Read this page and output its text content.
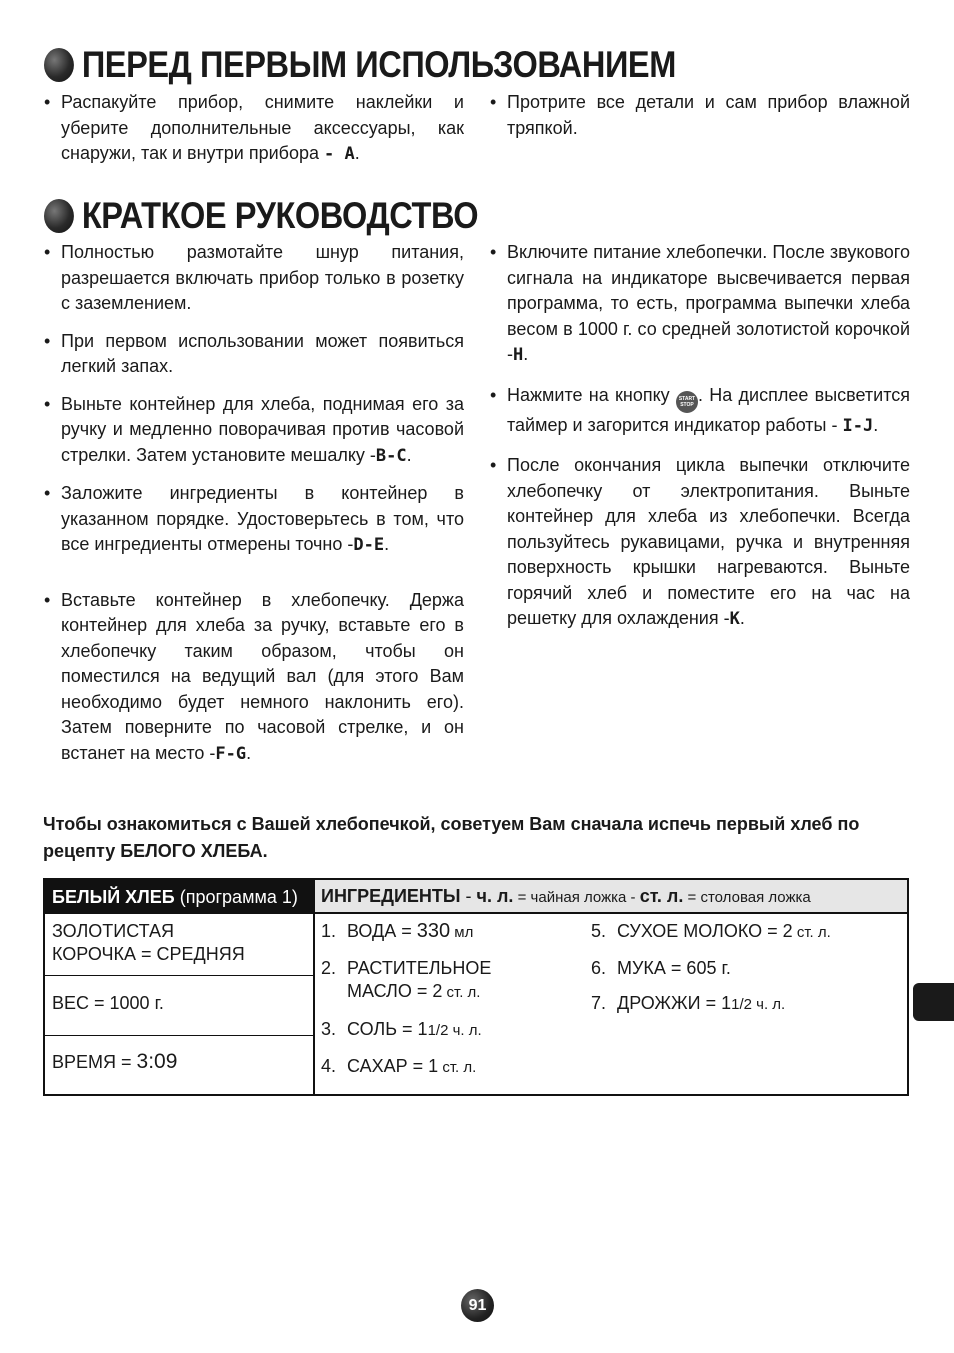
ПЕРЕД ПЕРВЫМ ИСПОЛЬЗОВАНИЕМ

• Распакуйте прибор, снимите наклейки и уберите дополнительные аксессуары, как снаружи, так и внутри прибора - A.

• Протрите все детали и сам прибор влажной тряпкой.

КРАТКОЕ РУКОВОДСТВО

• Полностью размотайте шнур питания, разрешается включать прибор только в розетку с заземлением.

• При первом использовании может появиться легкий запах.

• Выньте контейнер для хлеба, поднимая его за ручку и медленно поворачивая против часовой стрелки. Затем установите мешалку -B-C.

• Заложите ингредиенты в контейнер в указанном порядке. Удостоверьтесь в том, что все ингредиенты отмерены точно -D-E.

• Вставьте контейнер в хлебопечку. Держа контейнер для хлеба за ручку, вставьте его в хлебопечку таким образом, чтобы он поместился на ведущий вал (для этого Вам необходимо будет немного наклонить его). Затем поверните по часовой стрелке, и он встанет на место -F-G.

• Включите питание хлебопечки. После звукового сигнала на индикаторе высвечивается первая программа, то есть, программа выпечки хлеба весом в 1000 г. со средней золотистой корочкой -H.

• Нажмите на кнопку START
STOP . На дисплее высветится таймер и загорится индикатор работы - I-J.

• После окончания цикла выпечки отключите хлебопечку от электропитания. Выньте контейнер для хлеба из хлебопечки. Всегда пользуйтесь рукавицами, ручка и внутренняя поверхность крышки нагреваются. Выньте горячий хлеб и поместите его на час на решетку для охлаждения -K.

Чтобы ознакомиться с Вашей хлебопечкой, советуем Вам сначала испечь первый хлеб по рецепту БЕЛОГО ХЛЕБА.
БЕЛЫЙ ХЛЕБ (программа 1)
ЗОЛОТИСТАЯ
КОРОЧКА = СРЕДНЯЯ
ВЕС = 1000 г.
ВРЕМЯ = 3:09
ИНГРЕДИЕНТЫ - ч. л. = чайная ложка - ст. л. = столовая ложка
1. ВОДА = 330 мл
2. РАСТИТЕЛЬНОЕ
МАСЛО = 2 ст. л.
3. СОЛЬ = 11/2 ч. л.
4. САХАР = 1 ст. л.
5. СУХОЕ МОЛОКО = 2 ст. л.
6. МУКА = 605 г.
7. ДРОЖЖИ = 11/2 ч. л.
91
